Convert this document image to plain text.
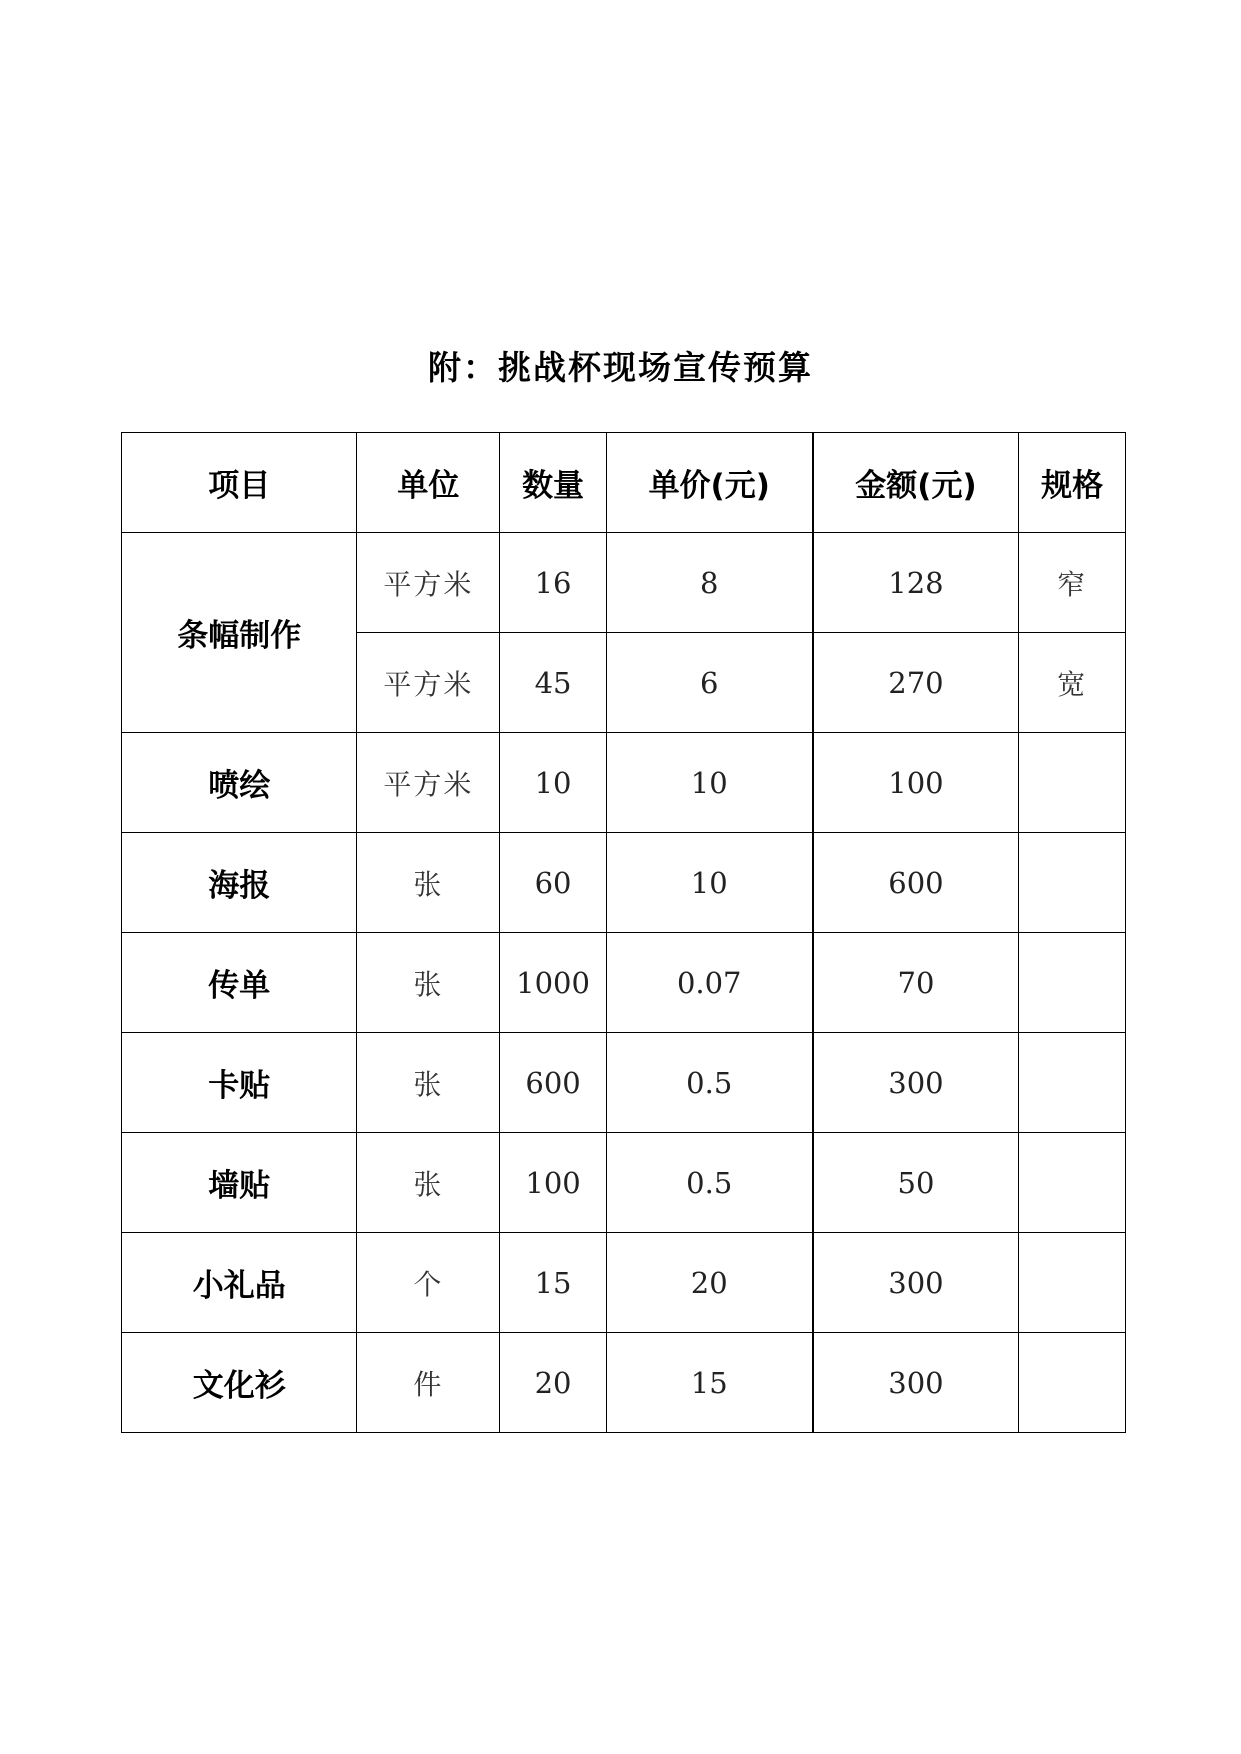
附：挑战杯现场宣传预算
项目	单位	数量	单价(元)	金额(元)	规格
条幅制作	平方米	16	8	128	窄
	平方米	45	6	270	宽
喷绘	平方米	10	10	100	
海报	张	60	10	600	
传单	张	1000	0.07	70	
卡贴	张	600	0.5	300	
墙贴	张	100	0.5	50	
小礼品	个	15	20	300	
文化衫	件	20	15	300	
